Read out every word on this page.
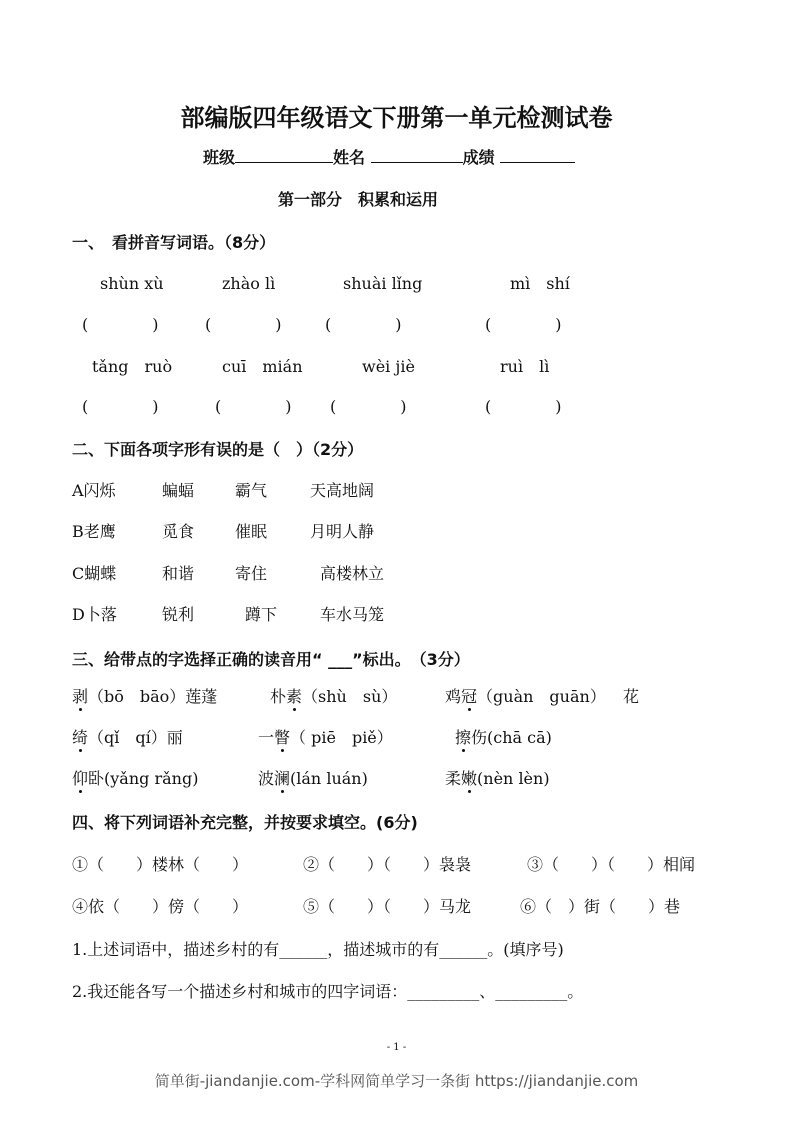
部编版四年级语文下册第一单元检测试卷
班级	姓名	成绩
第一部分　积累和运用
一、　看拼音写词语。（8分）
shùn xù	zhào lì	shuài lǐng	mì　shí
(　　　　)	(　　　　)	(　　　　)	(　　　　)
tǎng　ruò	cuī　mián	wèi jiè	ruì　lì
(　　　　)	(　　　　) (　　　　)	(　　　　)
二、下面各项字形有误的是（　）（2分）
A闪烁	蝙蝠	霸气	天高地阔
B老鹰	觅食	催眠	月明人静
C蝴蝶	和谐	寄住	高楼林立
D卜落	锐利	蹲下	车水马笼
三、给带点的字选择正确的读音用“ ___”标出。　（3分）
剥（bō　bāo）莲蓬	朴素（shù　sù）	鸡冠（guàn　guān） 花
绮（qǐ　qí）丽	一瞥（ piē　piě）	擦伤(chā cā)
仰卧(yǎng rǎng)	波澜(lán luán)	柔嫩(nèn lèn)
四、将下列词语补充完整，并按要求填空。(6分)
①（　　）楼林（　　）	②（　　）（　　）袅袅	③（　　）（　　）相闻
④依（　　）傍（　　）	⑤（　　）（　　）马龙	⑥（　）街（　　）巷
1.上述词语中，描述乡村的有______，描述城市的有______。(填序号)
2.我还能各写一个描述乡村和城市的四字词语：_________、_________。
- 1 -
简单街-jiandanjie.com-学科网简单学习一条街 https://jiandanjie.com
